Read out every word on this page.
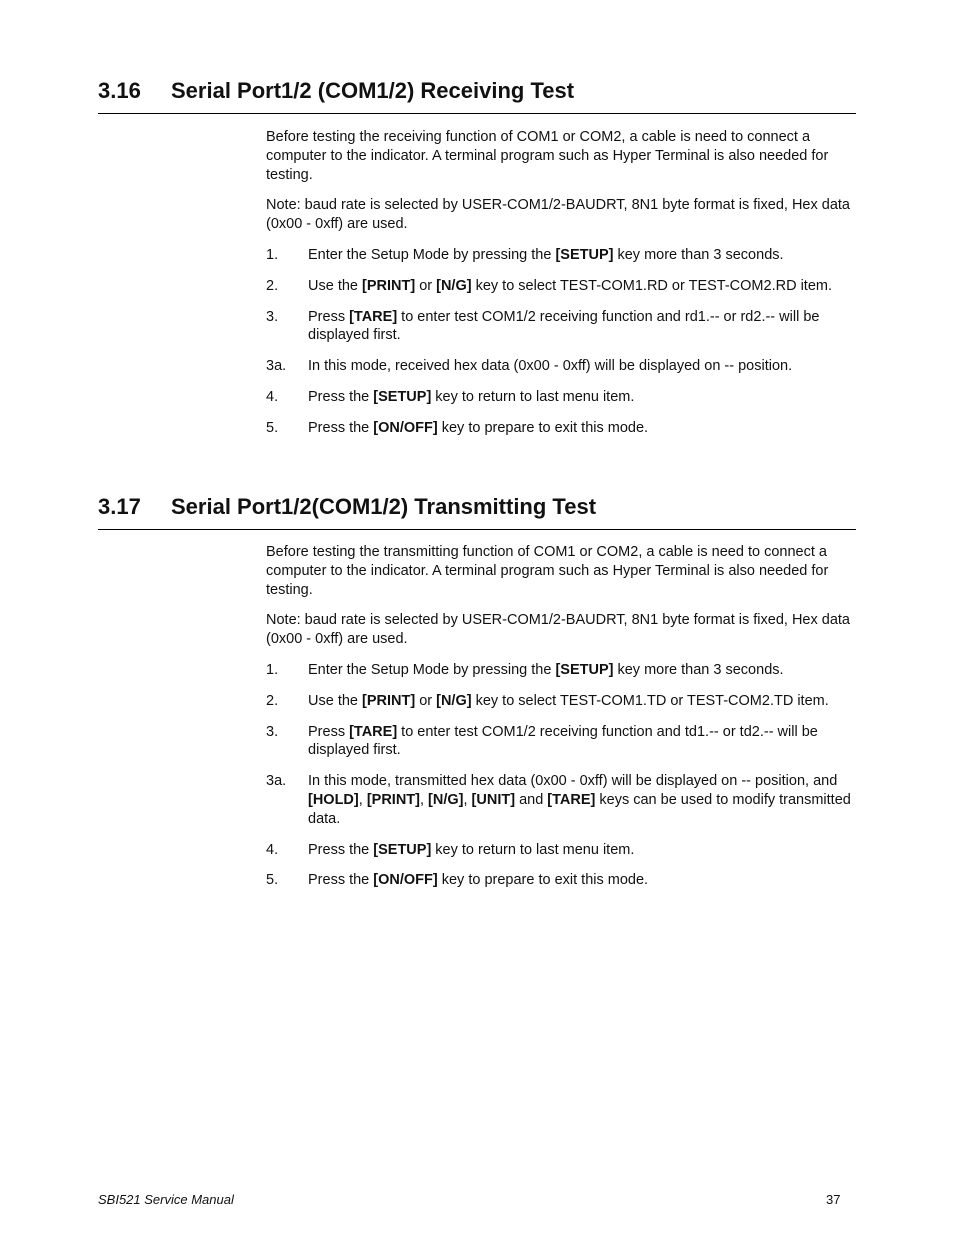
3.16 Serial Port1/2 (COM1/2) Receiving Test

Before testing the receiving function of COM1 or COM2, a cable is need to connect a computer to the indicator. A terminal program such as Hyper Terminal is also needed for testing.

Note: baud rate is selected by USER-COM1/2-BAUDRT, 8N1 byte format is fixed, Hex data (0x00 - 0xff) are used.

1.	Enter the Setup Mode by pressing the [SETUP] key more than 3 seconds.
2.	Use the [PRINT] or [N/G] key to select TEST-COM1.RD or TEST-COM2.RD item.
3.	Press [TARE] to enter test COM1/2 receiving function and rd1.-- or rd2.-- will be displayed first.
3a.	In this mode, received hex data (0x00 - 0xff) will be displayed on -- position.
4.	Press the [SETUP] key to return to last menu item.
5.	Press the [ON/OFF] key to prepare to exit this mode.
3.17 Serial Port1/2(COM1/2) Transmitting Test

Before testing the transmitting function of COM1 or COM2, a cable is need to connect a computer to the indicator. A terminal program such as Hyper Terminal is also needed for testing.

Note: baud rate is selected by USER-COM1/2-BAUDRT, 8N1 byte format is fixed, Hex data (0x00 - 0xff) are used.

1.	Enter the Setup Mode by pressing the [SETUP] key more than 3 seconds.
2.	Use the [PRINT] or [N/G] key to select TEST-COM1.TD or TEST-COM2.TD item.
3.	Press [TARE] to enter test COM1/2 receiving function and td1.-- or td2.-- will be displayed first.
3a.	In this mode, transmitted hex data (0x00 - 0xff) will be displayed on -- position, and [HOLD], [PRINT], [N/G], [UNIT] and [TARE] keys can be used to modify transmitted data.
4.	Press the [SETUP] key to return to last menu item.
5.	Press the [ON/OFF] key to prepare to exit this mode.
SBI521 Service Manual	37
